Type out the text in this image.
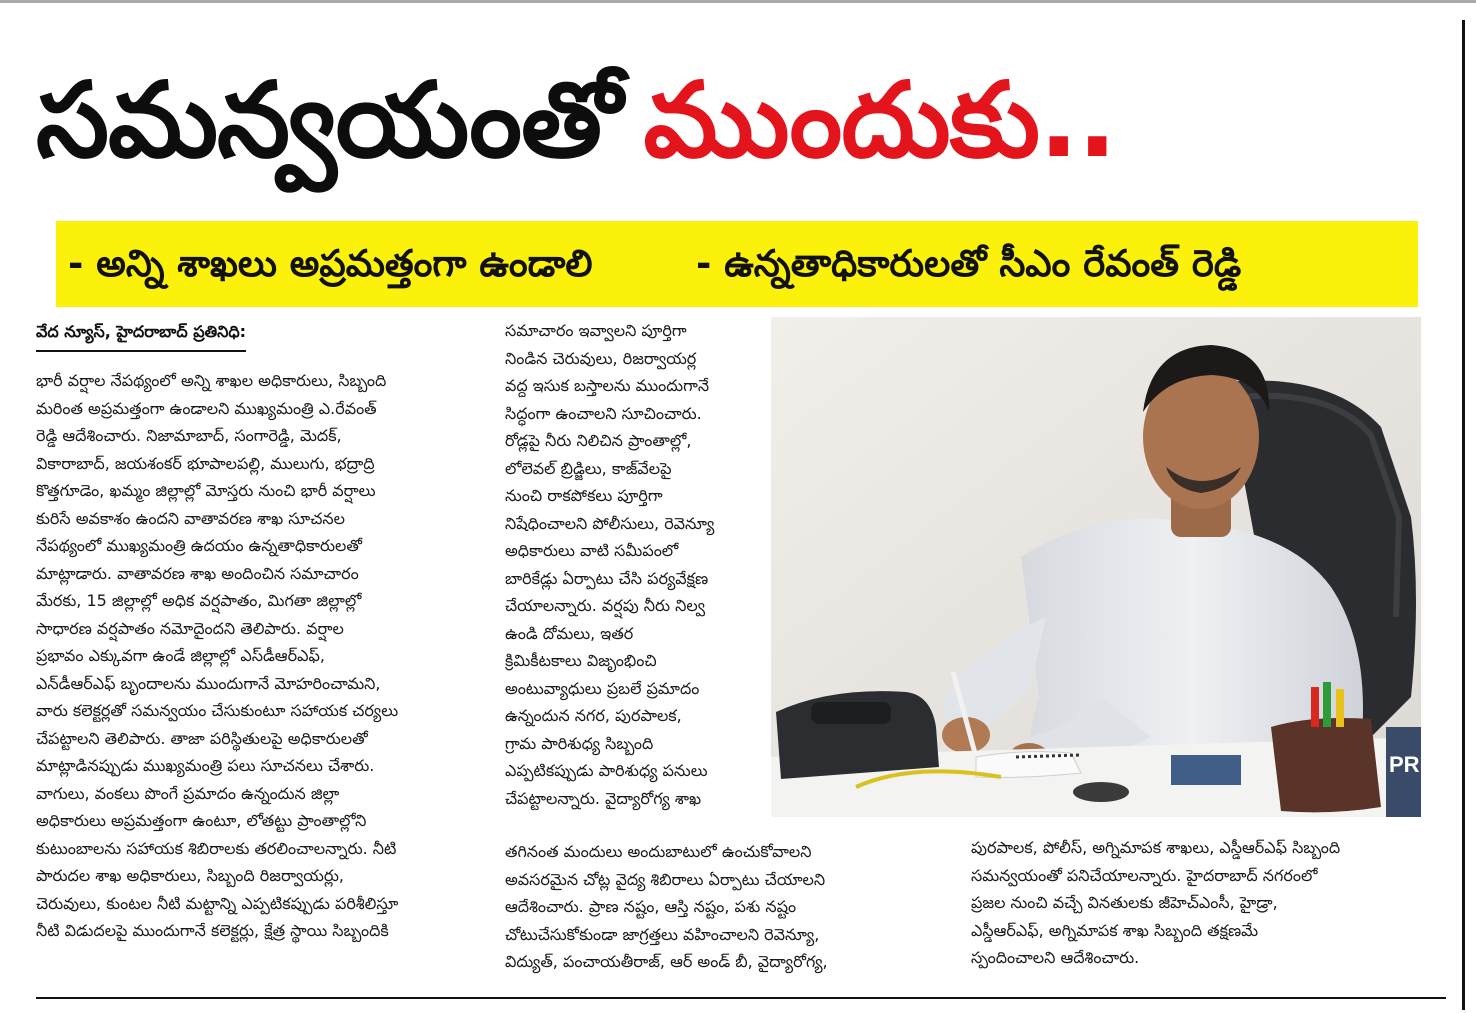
సమన్వయంతో ముందుకు..
- అన్ని శాఖలు అప్రమత్తంగా ఉండాలి	- ఉన్నతాధికారులతో సీఎం రేవంత్ రెడ్డి
వేద న్యూస్, హైదరాబాద్ ప్రతినిధి:
భారీ వర్షాల నేపథ్యంలో అన్ని శాఖల అధికారులు, సిబ్బంది
మరింత అప్రమత్తంగా ఉండాలని ముఖ్యమంత్రి ఎ.రేవంత్
రెడ్డి ఆదేశించారు. నిజామాబాద్, సంగారెడ్డి, మెదక్,
వికారాబాద్, జయశంకర్ భూపాలపల్లి, ములుగు, భద్రాద్రి
కొత్తగూడెం, ఖమ్మం జిల్లాల్లో మోస్తరు నుంచి భారీ వర్షాలు
కురిసే అవకాశం ఉందని వాతావరణ శాఖ సూచనల
నేపథ్యంలో ముఖ్యమంత్రి ఉదయం ఉన్నతాధికారులతో
మాట్లాడారు. వాతావరణ శాఖ అందించిన సమాచారం
మేరకు, 15 జిల్లాల్లో అధిక వర్షపాతం, మిగతా జిల్లాల్లో
సాధారణ వర్షపాతం నమోదైందని తెలిపారు. వర్షాల
ప్రభావం ఎక్కువగా ఉండే జిల్లాల్లో ఎస్‌డీఆర్‌ఎఫ్,
ఎన్‌డీఆర్‌ఎఫ్ బృందాలను ముందుగానే మోహరించామని,
వారు కలెక్టర్లతో సమన్వయం చేసుకుంటూ సహాయక చర్యలు
చేపట్టాలని తెలిపారు. తాజా పరిస్థితులపై అధికారులతో
మాట్లాడినప్పుడు ముఖ్యమంత్రి పలు సూచనలు చేశారు.
వాగులు, వంకలు పొంగే ప్రమాదం ఉన్నందున జిల్లా
అధికారులు అప్రమత్తంగా ఉంటూ, లోతట్టు ప్రాంతాల్లోని
కుటుంబాలను సహాయక శిబిరాలకు తరలించాలన్నారు. నీటి
పారుదల శాఖ అధికారులు, సిబ్బంది రిజర్వాయర్లు,
చెరువులు, కుంటల నీటి మట్టాన్ని ఎప్పటికప్పుడు పరిశీలిస్తూ
నీటి విడుదలపై ముందుగానే కలెక్టర్లు, క్షేత్ర స్థాయి సిబ్బందికి
సమాచారం ఇవ్వాలని పూర్తిగా
నిండిన చెరువులు, రిజర్వాయర్ల
వద్ద ఇసుక బస్తాలను ముందుగానే
సిద్ధంగా ఉంచాలని సూచించారు.
రోడ్లపై నీరు నిలిచిన ప్రాంతాల్లో,
లోలెవల్ బ్రిడ్జిలు, కాజ్‌వేలపై
నుంచి రాకపోకలు పూర్తిగా
నిషేధించాలని పోలీసులు, రెవెన్యూ
అధికారులు వాటి సమీపంలో
బారికేడ్లు ఏర్పాటు చేసి పర్యవేక్షణ
చేయాలన్నారు. వర్షపు నీరు నిల్వ
ఉండి దోమలు, ఇతర
క్రిమికీటకాలు విజృంభించి
అంటువ్యాధులు ప్రబలే ప్రమాదం
ఉన్నందున నగర, పురపాలక,
గ్రామ పారిశుధ్య సిబ్బంది
ఎప్పటికప్పుడు పారిశుధ్య పనులు
చేపట్టాలన్నారు. వైద్యారోగ్య శాఖ
తగినంత మందులు అందుబాటులో ఉంచుకోవాలని
అవసరమైన చోట్ల వైద్య శిబిరాలు ఏర్పాటు చేయాలని
ఆదేశించారు. ప్రాణ నష్టం, ఆస్తి నష్టం, పశు నష్టం
చోటుచేసుకోకుండా జాగ్రత్తలు వహించాలని రెవెన్యూ,
విద్యుత్, పంచాయతీరాజ్, ఆర్ అండ్ బీ, వైద్యారోగ్య,
పురపాలక, పోలీస్, అగ్నిమాపక శాఖలు, ఎస్డీఆర్ఎఫ్ సిబ్బంది
సమన్వయంతో పనిచేయాలన్నారు. హైదరాబాద్ నగరంలో
ప్రజల నుంచి వచ్చే వినతులకు జీహెచ్ఎంసీ, హైడ్రా,
ఎస్డీఆర్ఎఫ్, అగ్నిమాపక శాఖ సిబ్బంది తక్షణమే
స్పందించాలని ఆదేశించారు.
PRE
